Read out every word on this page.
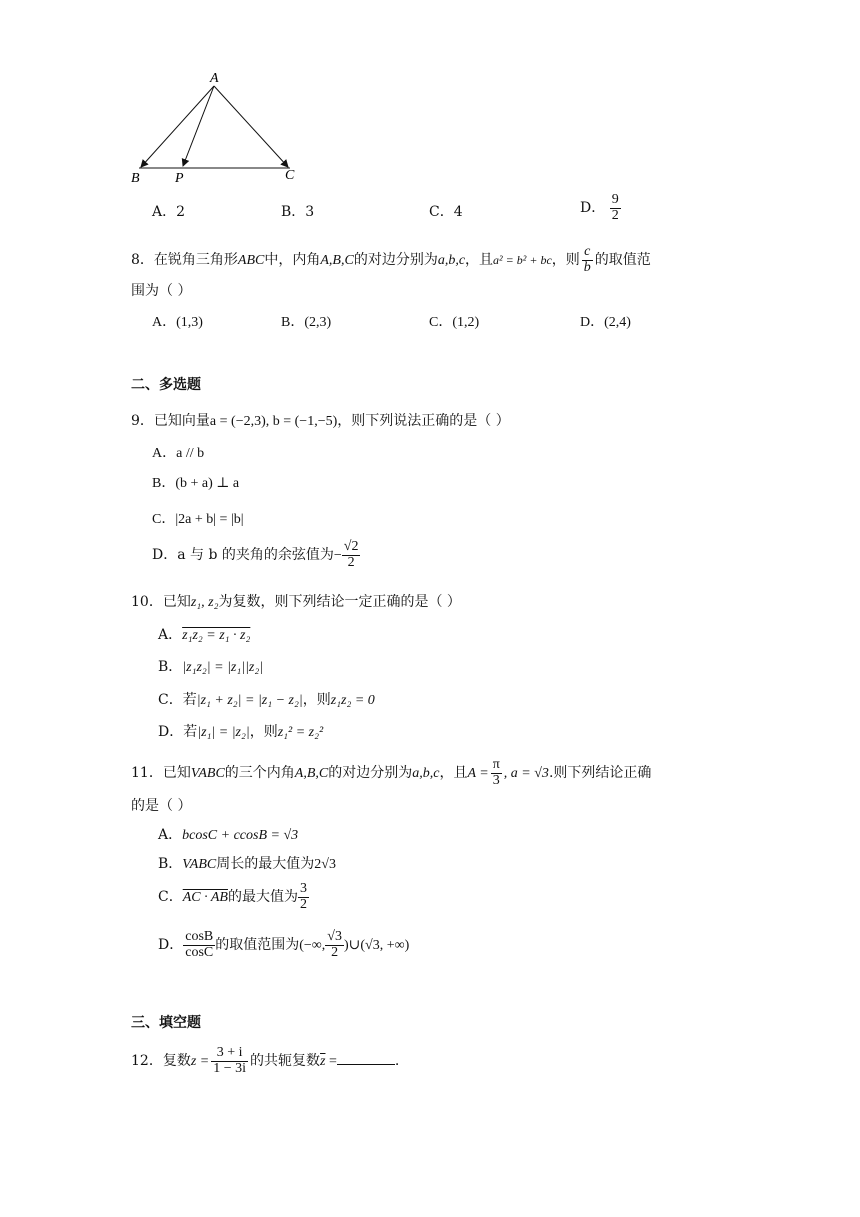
A
B	P	C
A．2	B．3	C．4	D． $\frac{9}{2}$
8．在锐角三角形ABC中，内角A,B,C的对边分别为a,b,c，且a² = b² + bc，则 $\frac{c}{b}$ 的取值范
围为（ ）
A．(1,3)	B．(2,3)	C．(1,2)	D．(2,4)
二、多选题
9．已知向量a = (−2,3), b = (−1,−5)，则下列说法正确的是（ ）
A．a // b
B．(b + a) ⊥ a
C．|2a + b| = |b|
D．a 与 b 的夹角的余弦值为− $\frac{√2}{2}$
10．已知z₁, z₂为复数，则下列结论一定正确的是（ ）
A．z₁z₂ = z₁ · z₂
B．|z₁z₂| = |z₁||z₂|
C．若|z₁ + z₂| = |z₁ − z₂|，则z₁z₂ = 0
D．若|z₁| = |z₂|，则z₁² = z₂²
11．已知VABC的三个内角A,B,C的对边分别为a,b,c，且$A = \frac{\pi}{3}$ , a = √3.则下列结论正确
的是（ ）
A．bcosC + ccosB = √3
B．VABC周长的最大值为2√3
C．AC · AB的最大值为 $\frac{3}{2}$
D． $\frac{\cos B}{\cos C}$ 的取值范围为(−∞, $\frac{√3}{2}$ )∪(√3, +∞)
三、填空题
12．复数$z = \frac{3 + i}{1 - 3i}$ 的共轭复数$\overline{z}$ =	.
